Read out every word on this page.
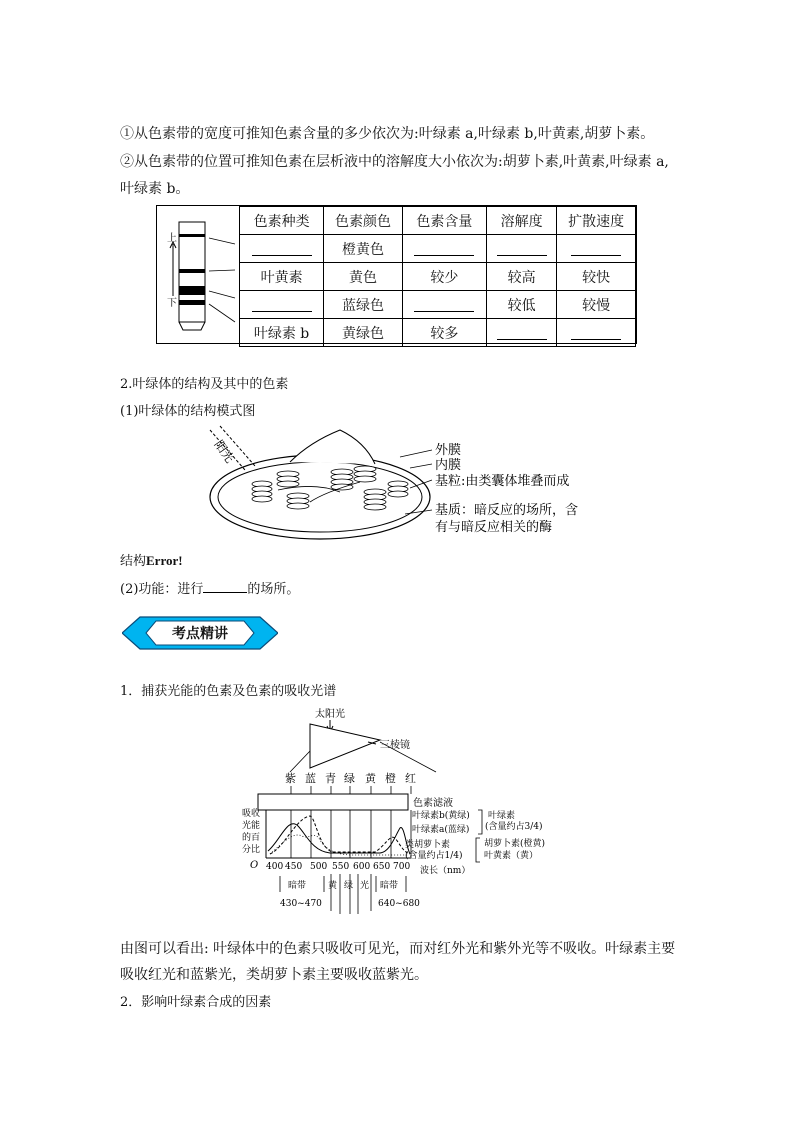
①从色素带的宽度可推知色素含量的多少依次为:叶绿素 a,叶绿素 b,叶黄素,胡萝卜素。
②从色素带的位置可推知色素在层析液中的溶解度大小依次为:胡萝卜素,叶黄素,叶绿素 a,
叶绿素 b。
上
下
色素种类	色素颜色	色素含量	溶解度	扩散速度
	橙黄色			
叶黄素	黄色	较少	较高	较快
	蓝绿色		较低	较慢
叶绿素 b	黄绿色	较多		
2.叶绿体的结构及其中的色素
(1)叶绿体的结构模式图
阳光	外膜
内膜
基粒:由类囊体堆叠而成
基质：暗反应的场所，含
有与暗反应相关的酶
结构Error!
(2)功能：进行	的场所。
考点精讲
1．捕获光能的色素及色素的吸收光谱
太阳光
三棱镜
紫 蓝 青 绿 黄 橙 红
色素滤液
吸收
光能
的百
分比
O 400 450 500 550 600 650 700 波长（nm）
叶绿素b(黄绿)
叶绿素a(蓝绿)
类胡萝卜素
(含量约占1/4)
叶绿素
(含量约占3/4)
胡萝卜素(橙黄)
叶黄素（黄）
暗带
430~470
暗带
640~680
黄 绿 光
由图可以看出: 叶绿体中的色素只吸收可见光，而对红外光和紫外光等不吸收。叶绿素主要
吸收红光和蓝紫光，类胡萝卜素主要吸收蓝紫光。
2．影响叶绿素合成的因素
